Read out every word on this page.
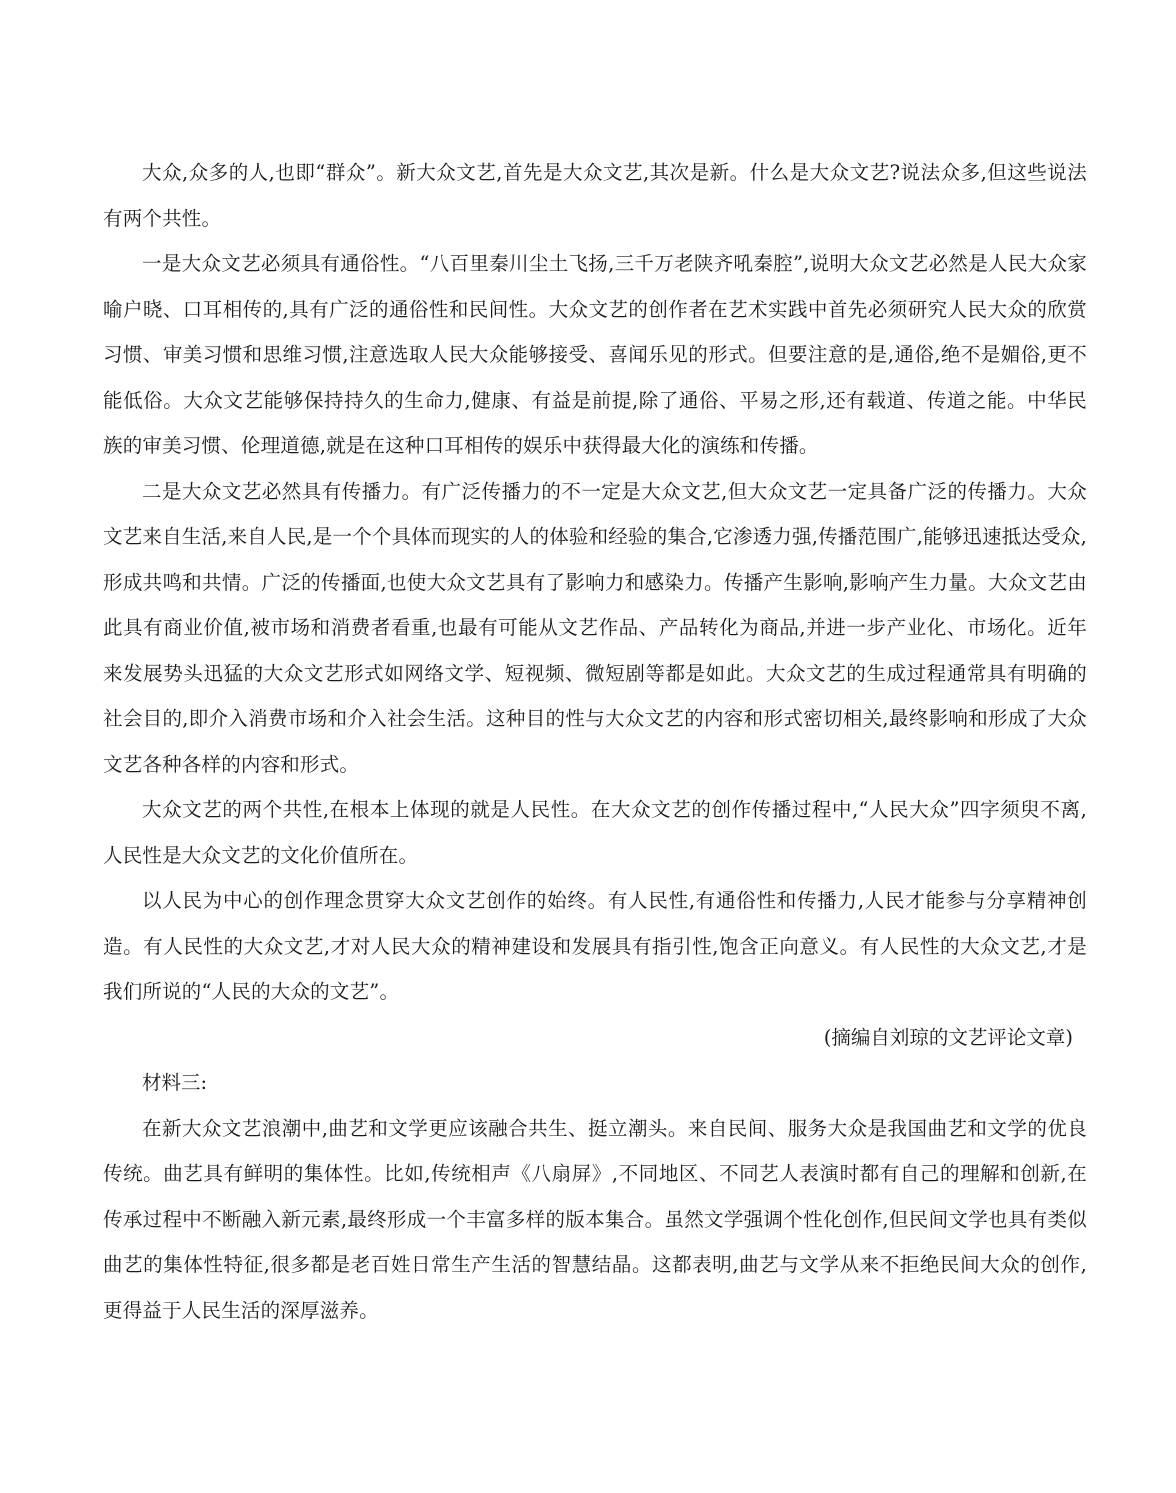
大众,众多的人,也即“群众”。新大众文艺,首先是大众文艺,其次是新。什么是大众文艺?说法众多,但这些说法有两个共性。

一是大众文艺必须具有通俗性。“八百里秦川尘土飞扬,三千万老陕齐吼秦腔”,说明大众文艺必然是人民大众家喻户晓、口耳相传的,具有广泛的通俗性和民间性。大众文艺的创作者在艺术实践中首先必须研究人民大众的欣赏习惯、审美习惯和思维习惯,注意选取人民大众能够接受、喜闻乐见的形式。但要注意的是,通俗,绝不是媚俗,更不能低俗。大众文艺能够保持持久的生命力,健康、有益是前提,除了通俗、平易之形,还有载道、传道之能。中华民族的审美习惯、伦理道德,就是在这种口耳相传的娱乐中获得最大化的演练和传播。

二是大众文艺必然具有传播力。有广泛传播力的不一定是大众文艺,但大众文艺一定具备广泛的传播力。大众文艺来自生活,来自人民,是一个个具体而现实的人的体验和经验的集合,它渗透力强,传播范围广,能够迅速抵达受众,形成共鸣和共情。广泛的传播面,也使大众文艺具有了影响力和感染力。传播产生影响,影响产生力量。大众文艺由此具有商业价值,被市场和消费者看重,也最有可能从文艺作品、产品转化为商品,并进一步产业化、市场化。近年来发展势头迅猛的大众文艺形式如网络文学、短视频、微短剧等都是如此。大众文艺的生成过程通常具有明确的社会目的,即介入消费市场和介入社会生活。这种目的性与大众文艺的内容和形式密切相关,最终影响和形成了大众文艺各种各样的内容和形式。

大众文艺的两个共性,在根本上体现的就是人民性。在大众文艺的创作传播过程中,“人民大众”四字须臾不离,人民性是大众文艺的文化价值所在。

以人民为中心的创作理念贯穿大众文艺创作的始终。有人民性,有通俗性和传播力,人民才能参与分享精神创造。有人民性的大众文艺,才对人民大众的精神建设和发展具有指引性,饱含正向意义。有人民性的大众文艺,才是我们所说的“人民的大众的文艺”。

(摘编自刘琼的文艺评论文章)

材料三:

在新大众文艺浪潮中,曲艺和文学更应该融合共生、挺立潮头。来自民间、服务大众是我国曲艺和文学的优良传统。曲艺具有鲜明的集体性。比如,传统相声《八扇屏》,不同地区、不同艺人表演时都有自己的理解和创新,在传承过程中不断融入新元素,最终形成一个丰富多样的版本集合。虽然文学强调个性化创作,但民间文学也具有类似曲艺的集体性特征,很多都是老百姓日常生产生活的智慧结晶。这都表明,曲艺与文学从来不拒绝民间大众的创作,更得益于人民生活的深厚滋养。
